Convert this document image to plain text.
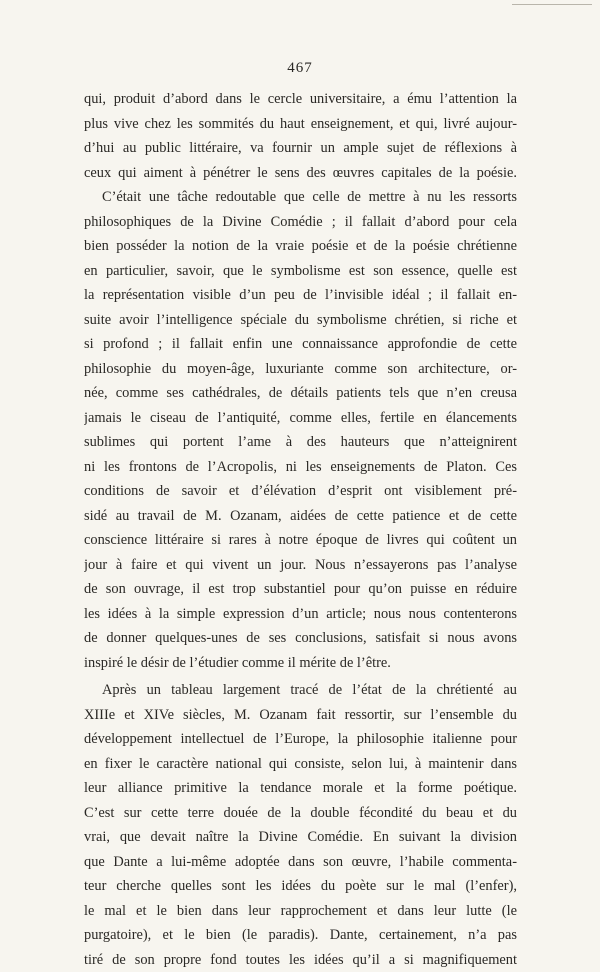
467
qui, produit d’abord dans le cercle universitaire, a ému l’attention la
plus vive chez les sommités du haut enseignement, et qui, livré aujour-
d’hui au public littéraire, va fournir un ample sujet de réflexions à
ceux qui aiment à pénétrer le sens des œuvres capitales de la poésie.
C’était une tâche redoutable que celle de mettre à nu les ressorts
philosophiques de la Divine Comédie ; il fallait d’abord pour cela
bien posséder la notion de la vraie poésie et de la poésie chrétienne
en particulier, savoir, que le symbolisme est son essence, quelle est
la représentation visible d’un peu de l’invisible idéal ; il fallait en-
suite avoir l’intelligence spéciale du symbolisme chrétien, si riche et
si profond ; il fallait enfin une connaissance approfondie de cette
philosophie du moyen-âge, luxuriante comme son architecture, or-
née, comme ses cathédrales, de détails patients tels que n’en creusa
jamais le ciseau de l’antiquité, comme elles, fertile en élancements
sublimes qui portent l’ame à des hauteurs que n’atteignirent
ni les frontons de l’Acropolis, ni les enseignements de Platon. Ces
conditions de savoir et d’élévation d’esprit ont visiblement pré-
sidé au travail de M. Ozanam, aidées de cette patience et de cette
conscience littéraire si rares à notre époque de livres qui coûtent un
jour à faire et qui vivent un jour. Nous n’essayerons pas l’analyse
de son ouvrage, il est trop substantiel pour qu’on puisse en réduire
les idées à la simple expression d’un article; nous nous contenterons
de donner quelques-unes de ses conclusions, satisfait si nous avons
inspiré le désir de l’étudier comme il mérite de l’être.
Après un tableau largement tracé de l’état de la chrétienté au
XIIIe et XIVe siècles, M. Ozanam fait ressortir, sur l’ensemble du
développement intellectuel de l’Europe, la philosophie italienne pour
en fixer le caractère national qui consiste, selon lui, à maintenir dans
leur alliance primitive la tendance morale et la forme poétique.
C’est sur cette terre douée de la double fécondité du beau et du
vrai, que devait naître la Divine Comédie. En suivant la division
que Dante a lui-même adoptée dans son œuvre, l’habile commenta-
teur cherche quelles sont les idées du poète sur le mal (l’enfer),
le mal et le bien dans leur rapprochement et dans leur lutte (le
purgatoire), et le bien (le paradis). Dante, certainement, n’a pas
tiré de son propre fond toutes les idées qu’il a si magnifiquement
